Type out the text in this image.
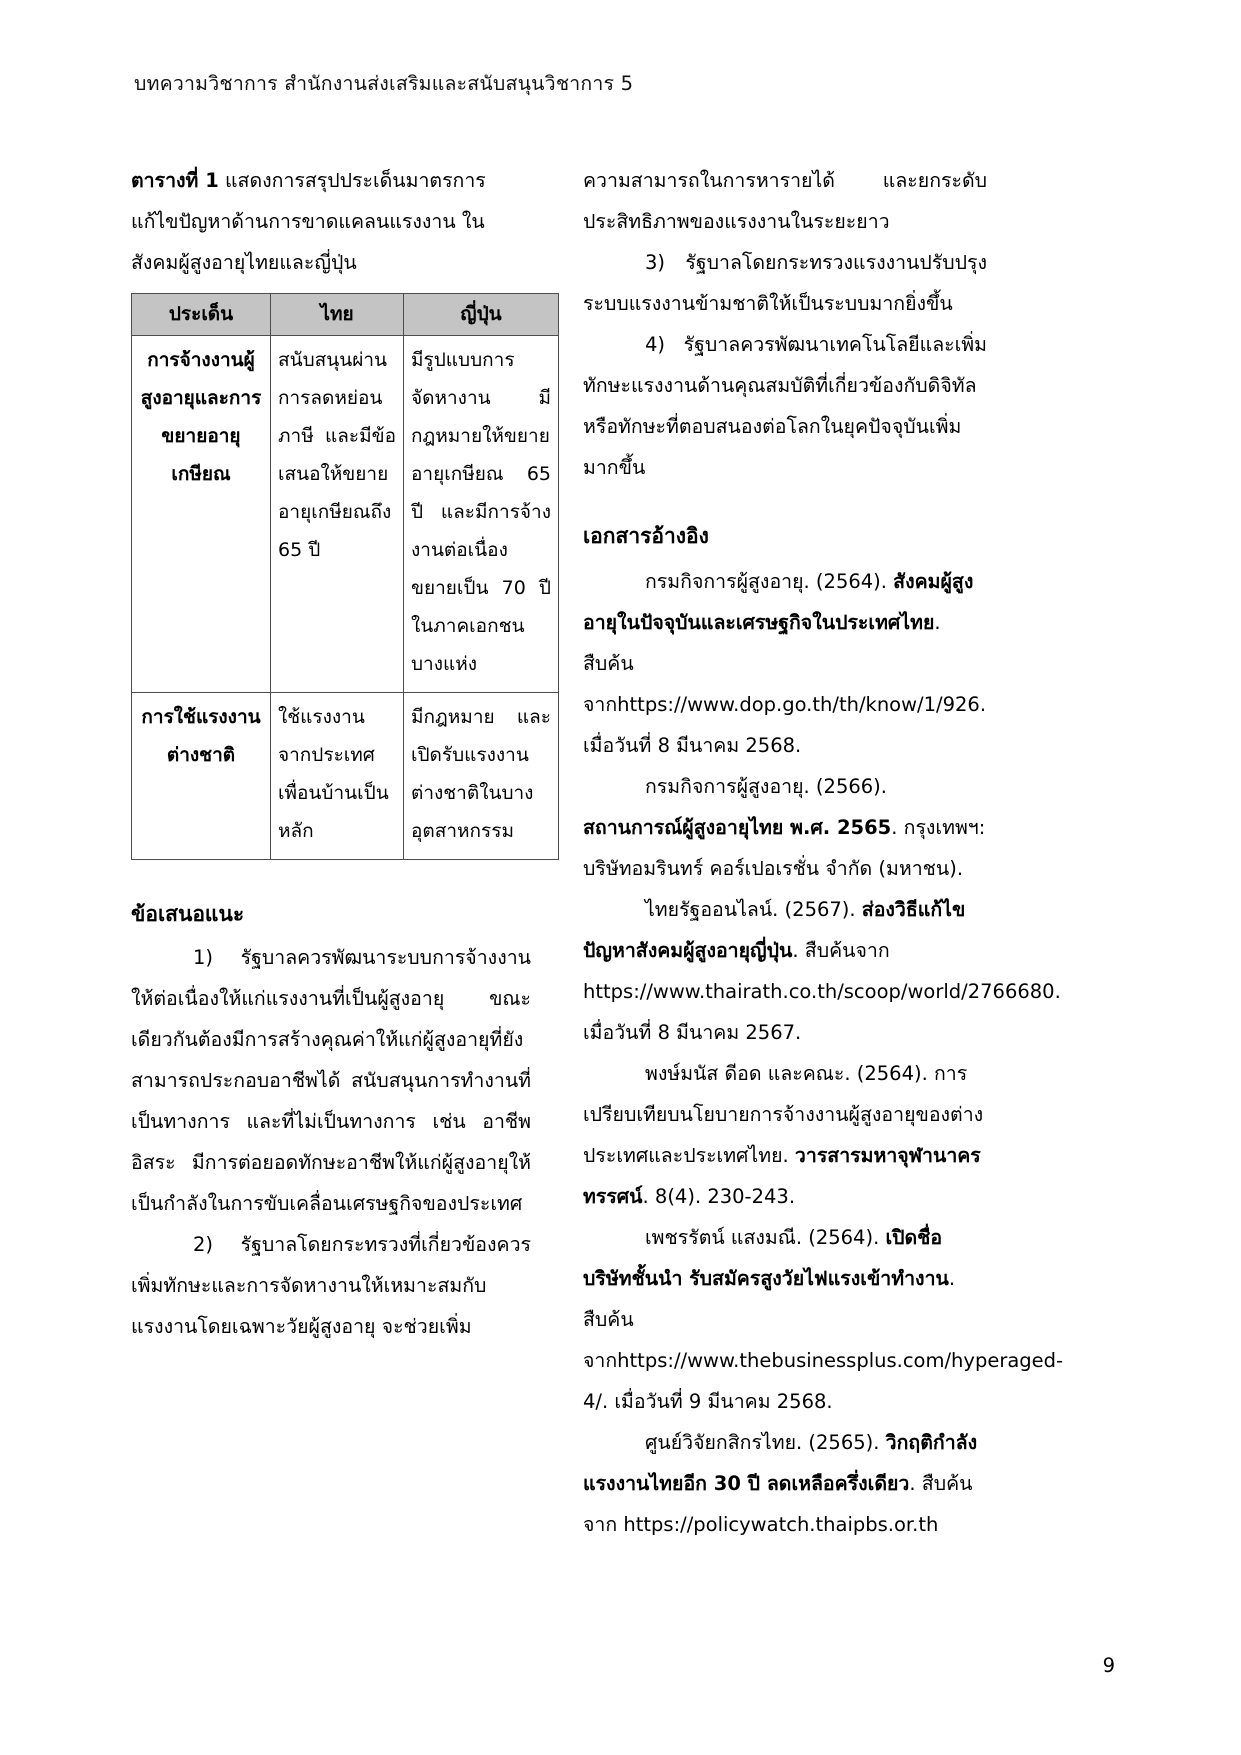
บทความวิชาการ สำนักงานส่งเสริมและสนับสนุนวิชาการ 5
ตารางที่ 1 แสดงการสรุปประเด็นมาตรการแก้ไขปัญหาด้านการขาดแคลนแรงงาน ในสังคมผู้สูงอายุไทยและญี่ปุ่น
ประเด็น	ไทย	ญี่ปุ่น
การจ้างงานผู้สูงอายุและการขยายอายุเกษียณ	สนับสนุนผ่านการลดหย่อนภาษี และมีข้อเสนอให้ขยายอายุเกษียณถึง 65 ปี	มีรูปแบบการจัดหางาน มีกฎหมายให้ขยายอายุเกษียณ 65 ปี และมีการจ้างงานต่อเนื่องขยายเป็น 70 ปี ในภาคเอกชนบางแห่ง
การใช้แรงงานต่างชาติ	ใช้แรงงานจากประเทศเพื่อนบ้านเป็นหลัก	มีกฎหมาย และเปิดรับแรงงานต่างชาติในบางอุตสาหกรรม
ข้อเสนอแนะ

1) รัฐบาลควรพัฒนาระบบการจ้างงานให้ต่อเนื่องให้แก่แรงงานที่เป็นผู้สูงอายุ ขณะเดียวกันต้องมีการสร้างคุณค่าให้แก่ผู้สูงอายุที่ยังสามารถประกอบอาชีพได้ สนับสนุนการทำงานที่เป็นทางการ และที่ไม่เป็นทางการ เช่น อาชีพอิสระ มีการต่อยอดทักษะอาชีพให้แก่ผู้สูงอายุให้เป็นกำลังในการขับเคลื่อนเศรษฐกิจของประเทศ

2) รัฐบาลโดยกระทรวงที่เกี่ยวข้องควรเพิ่มทักษะและการจัดหางานให้เหมาะสมกับแรงงานโดยเฉพาะวัยผู้สูงอายุ จะช่วยเพิ่ม

ความสามารถในการหารายได้ และยกระดับประสิทธิภาพของแรงงานในระยะยาว

3) รัฐบาลโดยกระทรวงแรงงานปรับปรุงระบบแรงงานข้ามชาติให้เป็นระบบมากยิ่งขึ้น

4) รัฐบาลควรพัฒนาเทคโนโลยีและเพิ่มทักษะแรงงานด้านคุณสมบัติที่เกี่ยวข้องกับดิจิทัล หรือทักษะที่ตอบสนองต่อโลกในยุคปัจจุบันเพิ่มมากขึ้น

เอกสารอ้างอิง

กรมกิจการผู้สูงอายุ. (2564). สังคมผู้สูงอายุในปัจจุบันและเศรษฐกิจในประเทศไทย. สืบค้นจากhttps://www.dop.go.th/th/know/1/926. เมื่อวันที่ 8 มีนาคม 2568.

กรมกิจการผู้สูงอายุ. (2566). สถานการณ์ผู้สูงอายุไทย พ.ศ. 2565. กรุงเทพฯ: บริษัทอมรินทร์ คอร์เปอเรชั่น จำกัด (มหาชน).

ไทยรัฐออนไลน์. (2567). ส่องวิธีแก้ไขปัญหาสังคมผู้สูงอายุญี่ปุ่น. สืบค้นจาก https://www.thairath.co.th/scoop/world/2766680. เมื่อวันที่ 8 มีนาคม 2567.

พงษ์มนัส ดีอด และคณะ. (2564). การเปรียบเทียบนโยบายการจ้างงานผู้สูงอายุของต่างประเทศและประเทศไทย. วารสารมหาจุฬานาครทรรศน์. 8(4). 230-243.

เพชรรัตน์ แสงมณี. (2564). เปิดชื่อบริษัทชั้นนำ รับสมัครสูงวัยไฟแรงเข้าทำงาน. สืบค้นจากhttps://www.thebusinessplus.com/hyperaged-4/. เมื่อวันที่ 9 มีนาคม 2568.

ศูนย์วิจัยกสิกรไทย. (2565). วิกฤติกำลังแรงงานไทยอีก 30 ปี ลดเหลือครึ่งเดียว. สืบค้นจาก https://policywatch.thaipbs.or.th

9
